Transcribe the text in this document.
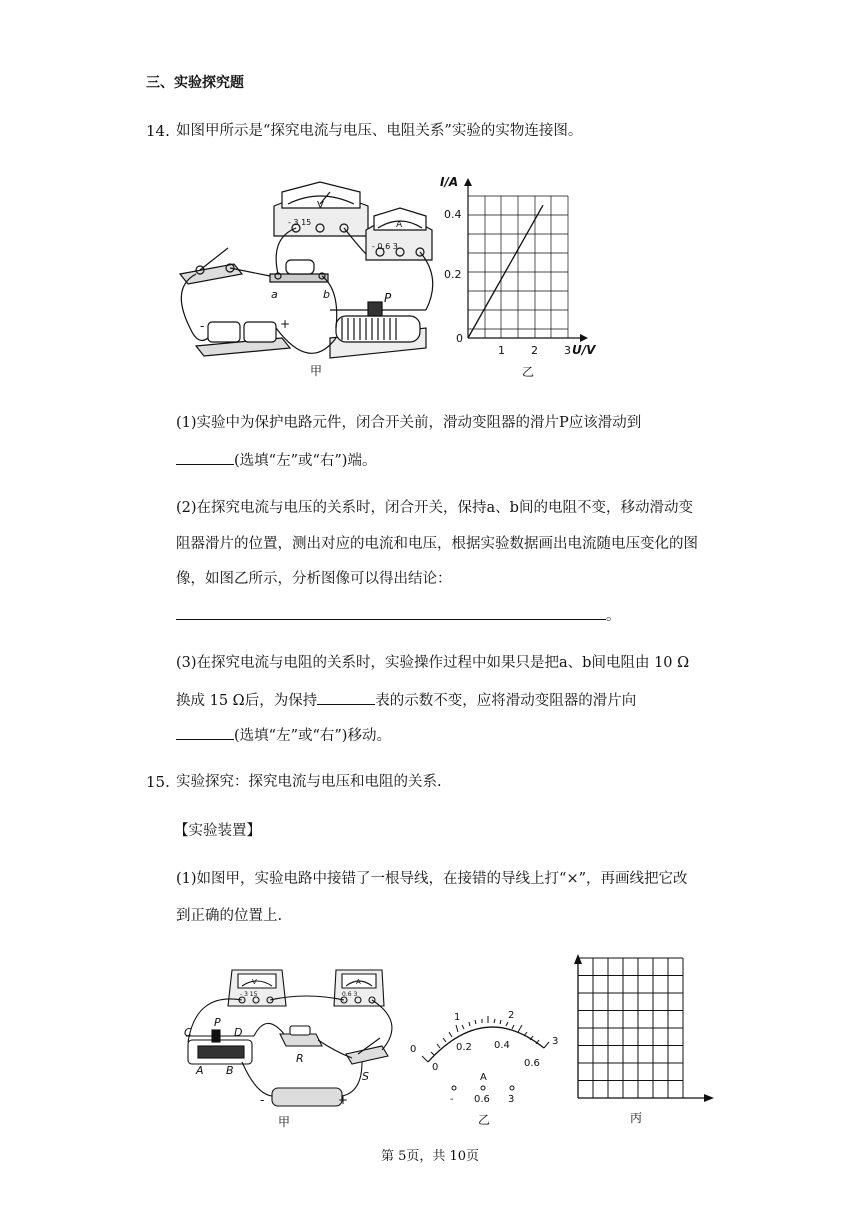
三、实验探究题
14. 如图甲所示是“探究电流与电压、电阻关系”实验的实物连接图。
V
- 3 15	A
- 0.6 3
a	b	P
-	+
甲
I/A
U/V
0.4
0.2
0
1 2 3
乙
(1)实验中为保护电路元件，闭合开关前，滑动变阻器的滑片P应该滑动到
(选填“左”或“右”)端。
(2)在探究电流与电压的关系时，闭合开关，保持a、b间的电阻不变，移动滑动变
阻器滑片的位置，测出对应的电流和电压，根据实验数据画出电流随电压变化的图
像，如图乙所示，分析图像可以得出结论：
。
(3)在探究电流与电阻的关系时，实验操作过程中如果只是把a、b间电阻由 10 Ω
换成 15 Ω后，为保持	表的示数不变，应将滑动变阻器的滑片向
(选填“左”或“右”)移动。
15. 实验探究：探究电流与电压和电阻的关系.
【实验装置】
(1)如图甲，实验电路中接错了一根导线，在接错的导线上打“×”，再画线把它改
到正确的位置上.
V
- 3 15
A
0.6 3
C
P
D
A B
R
S
-	+
甲
0
1	2
3
0
0.2 0.4
0.6
A
- 0.6 3
乙	丙
第 5页，共 10页
